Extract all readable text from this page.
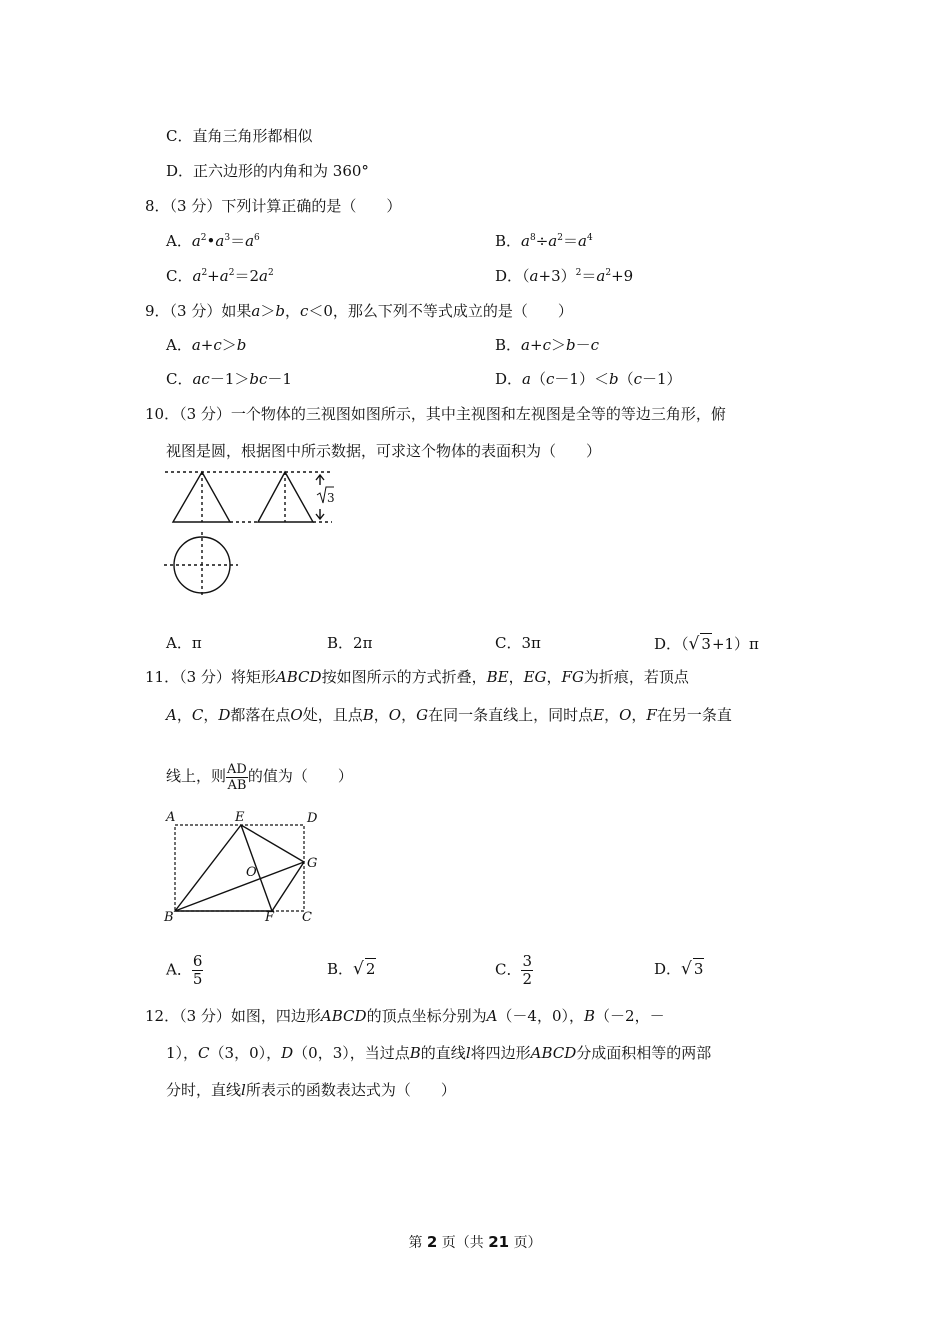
C．直角三角形都相似
D．正六边形的内角和为 360°
8．（3 分）下列计算正确的是（　　）
A．$a^2•a^3=a^6$	B．$a^8\div a^2=a^4$
C．$a^2+a^2=2a^2$	D．$(a+3)^2=a^2+9$
9．（3 分）如果a＞b，c＜0，那么下列不等式成立的是（　　）
A．a+c＞b	B．a+c＞b－c
C．ac－1＞bc－1	D．a（c－1）＜b（c－1）
10．（3 分）一个物体的三视图如图所示，其中主视图和左视图是全等的等边三角形，俯
视图是圆，根据图中所示数据，可求这个物体的表面积为（　　）
3
A．π	B．2π	C．3π	D．（√ 3+1）π
11．（3 分）将矩形ABCD按如图所示的方式折叠，BE，EG，FG为折痕，若顶点
A，C，D都落在点O处，且点B，O，G在同一条直线上，同时点E，O，F在另一条直
线上，则 $\frac{AD}{AB}$ 的值为（　　）
A	E	D
G
O
B	F C
A． $\frac{6}{5}$	B．√ 2	C． $\frac{3}{2}$	D．√ 3
12．（3 分）如图，四边形ABCD的顶点坐标分别为A（－4，0），B（－2，－
1），C（3，0），D（0，3），当过点B的直线l将四边形ABCD分成面积相等的两部
分时，直线l所表示的函数表达式为（　　）
第 2 页（共 21 页）
